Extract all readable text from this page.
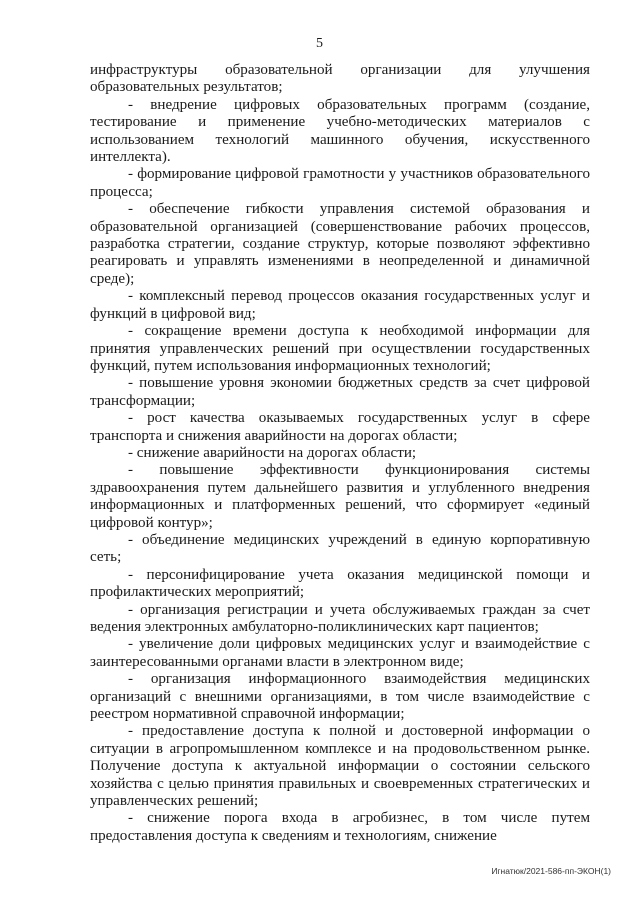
5

инфраструктуры образовательной организации для улучшения образовательных результатов;

- внедрение цифровых образовательных программ (создание, тестирование и применение учебно-методических материалов с использованием технологий машинного обучения, искусственного интеллекта).

- формирование цифровой грамотности у участников образовательного процесса;

- обеспечение гибкости управления системой образования и образовательной организацией (совершенствование рабочих процессов, разработка стратегии, создание структур, которые позволяют эффективно реагировать и управлять изменениями в неопределенной и динамичной среде);

- комплексный перевод процессов оказания государственных услуг и функций в цифровой вид;

- сокращение времени доступа к необходимой информации для принятия управленческих решений при осуществлении государственных функций, путем использования информационных технологий;

- повышение уровня экономии бюджетных средств за счет цифровой трансформации;

- рост качества оказываемых государственных услуг в сфере транспорта и снижения аварийности на дорогах области;

- снижение аварийности на дорогах области;

- повышение эффективности функционирования системы здравоохранения путем дальнейшего развития и углубленного внедрения информационных и платформенных решений, что сформирует «единый цифровой контур»;

- объединение медицинских учреждений в единую корпоративную сеть;

- персонифицирование учета оказания медицинской помощи и профилактических мероприятий;

- организация регистрации и учета обслуживаемых граждан за счет ведения электронных амбулаторно-поликлинических карт пациентов;

- увеличение доли цифровых медицинских услуг и взаимодействие с заинтересованными органами власти в электронном виде;

- организация информационного взаимодействия медицинских организаций с внешними организациями, в том числе взаимодействие с реестром нормативной справочной информации;

- предоставление доступа к полной и достоверной информации о ситуации в агропромышленном комплексе и на продовольственном рынке. Получение доступа к актуальной информации о состоянии сельского хозяйства с целью принятия правильных и своевременных стратегических и управленческих решений;

- снижение порога входа в агробизнес, в том числе путем предоставления доступа к сведениям и технологиям, снижение

Игнатюк/2021-586-пп-ЭКОН(1)
